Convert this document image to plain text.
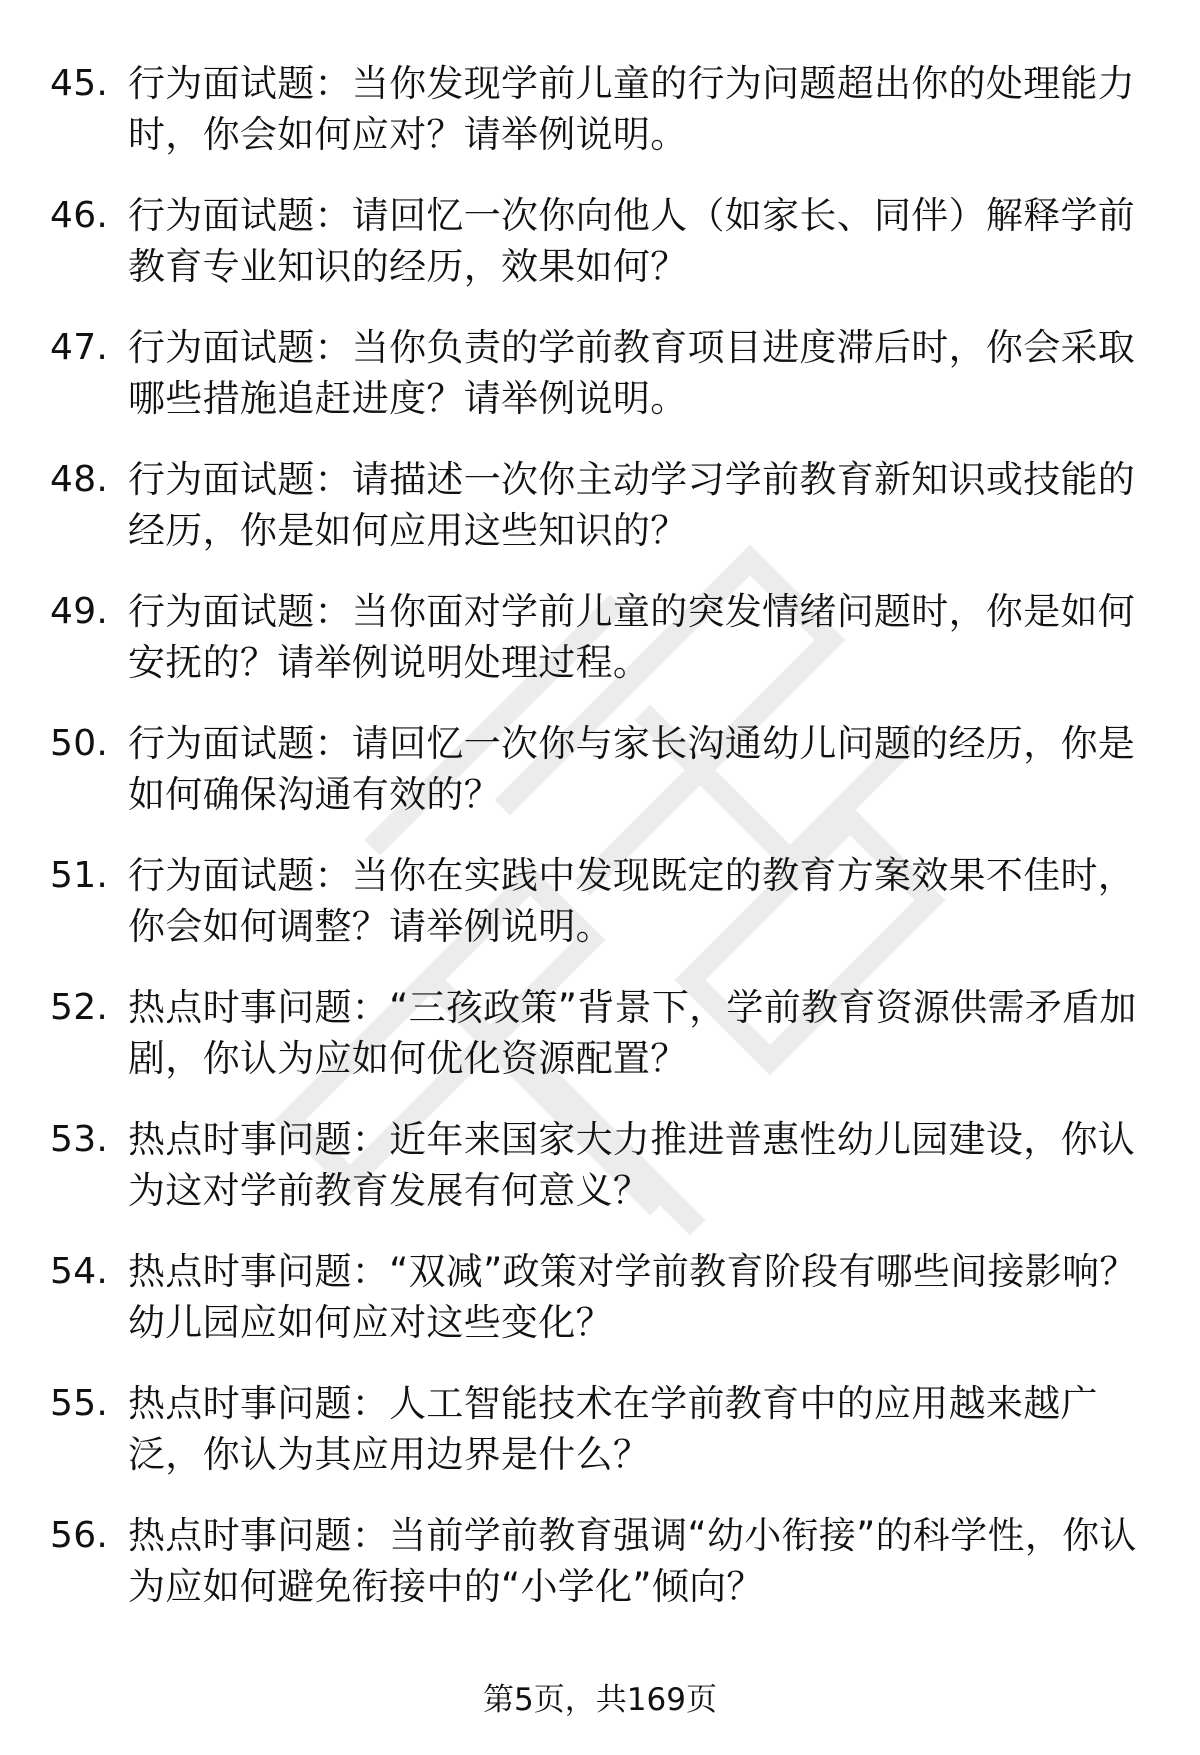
45. 行为面试题：当你发现学前儿童的行为问题超出你的处理能力时，你会如何应对？请举例说明。
46. 行为面试题：请回忆一次你向他人（如家长、同伴）解释学前教育专业知识的经历，效果如何？
47. 行为面试题：当你负责的学前教育项目进度滞后时，你会采取哪些措施追赶进度？请举例说明。
48. 行为面试题：请描述一次你主动学习学前教育新知识或技能的经历，你是如何应用这些知识的？
49. 行为面试题：当你面对学前儿童的突发情绪问题时，你是如何安抚的？请举例说明处理过程。
50. 行为面试题：请回忆一次你与家长沟通幼儿问题的经历，你是如何确保沟通有效的？
51. 行为面试题：当你在实践中发现既定的教育方案效果不佳时，你会如何调整？请举例说明。
52. 热点时事问题：“三孩政策”背景下，学前教育资源供需矛盾加剧，你认为应如何优化资源配置？
53. 热点时事问题：近年来国家大力推进普惠性幼儿园建设，你认为这对学前教育发展有何意义？
54. 热点时事问题：“双减”政策对学前教育阶段有哪些间接影响？幼儿园应如何应对这些变化？
55. 热点时事问题：人工智能技术在学前教育中的应用越来越广泛，你认为其应用边界是什么？
56. 热点时事问题：当前学前教育强调“幼小衔接”的科学性，你认为应如何避免衔接中的“小学化”倾向？
第5页，共169页
